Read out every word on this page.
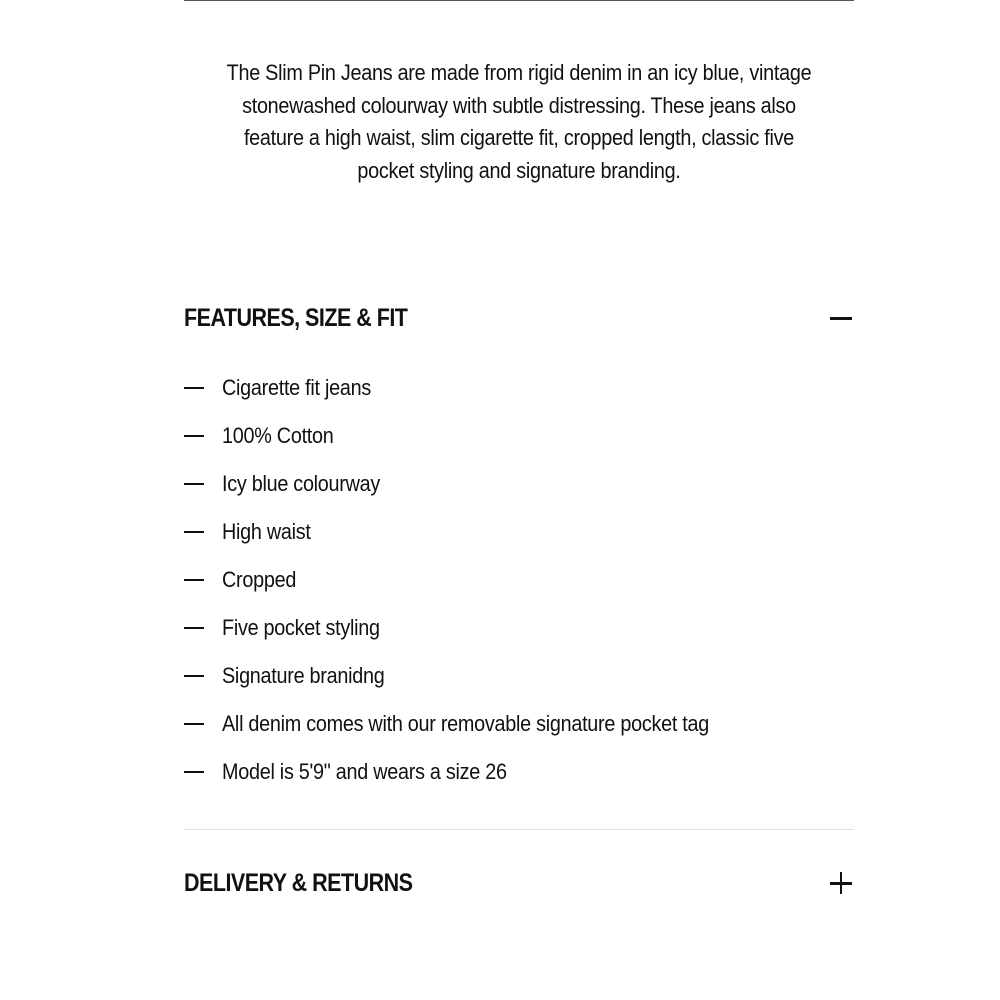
The Slim Pin Jeans are made from rigid denim in an icy blue, vintage
stonewashed colourway with subtle distressing. These jeans also
feature a high waist, slim cigarette fit, cropped length, classic five
pocket styling and signature branding.
FEATURES, SIZE & FIT
Cigarette fit jeans
100% Cotton
Icy blue colourway
High waist
Cropped
Five pocket styling
Signature branidng
All denim comes with our removable signature pocket tag
Model is 5'9" and wears a size 26
DELIVERY & RETURNS
